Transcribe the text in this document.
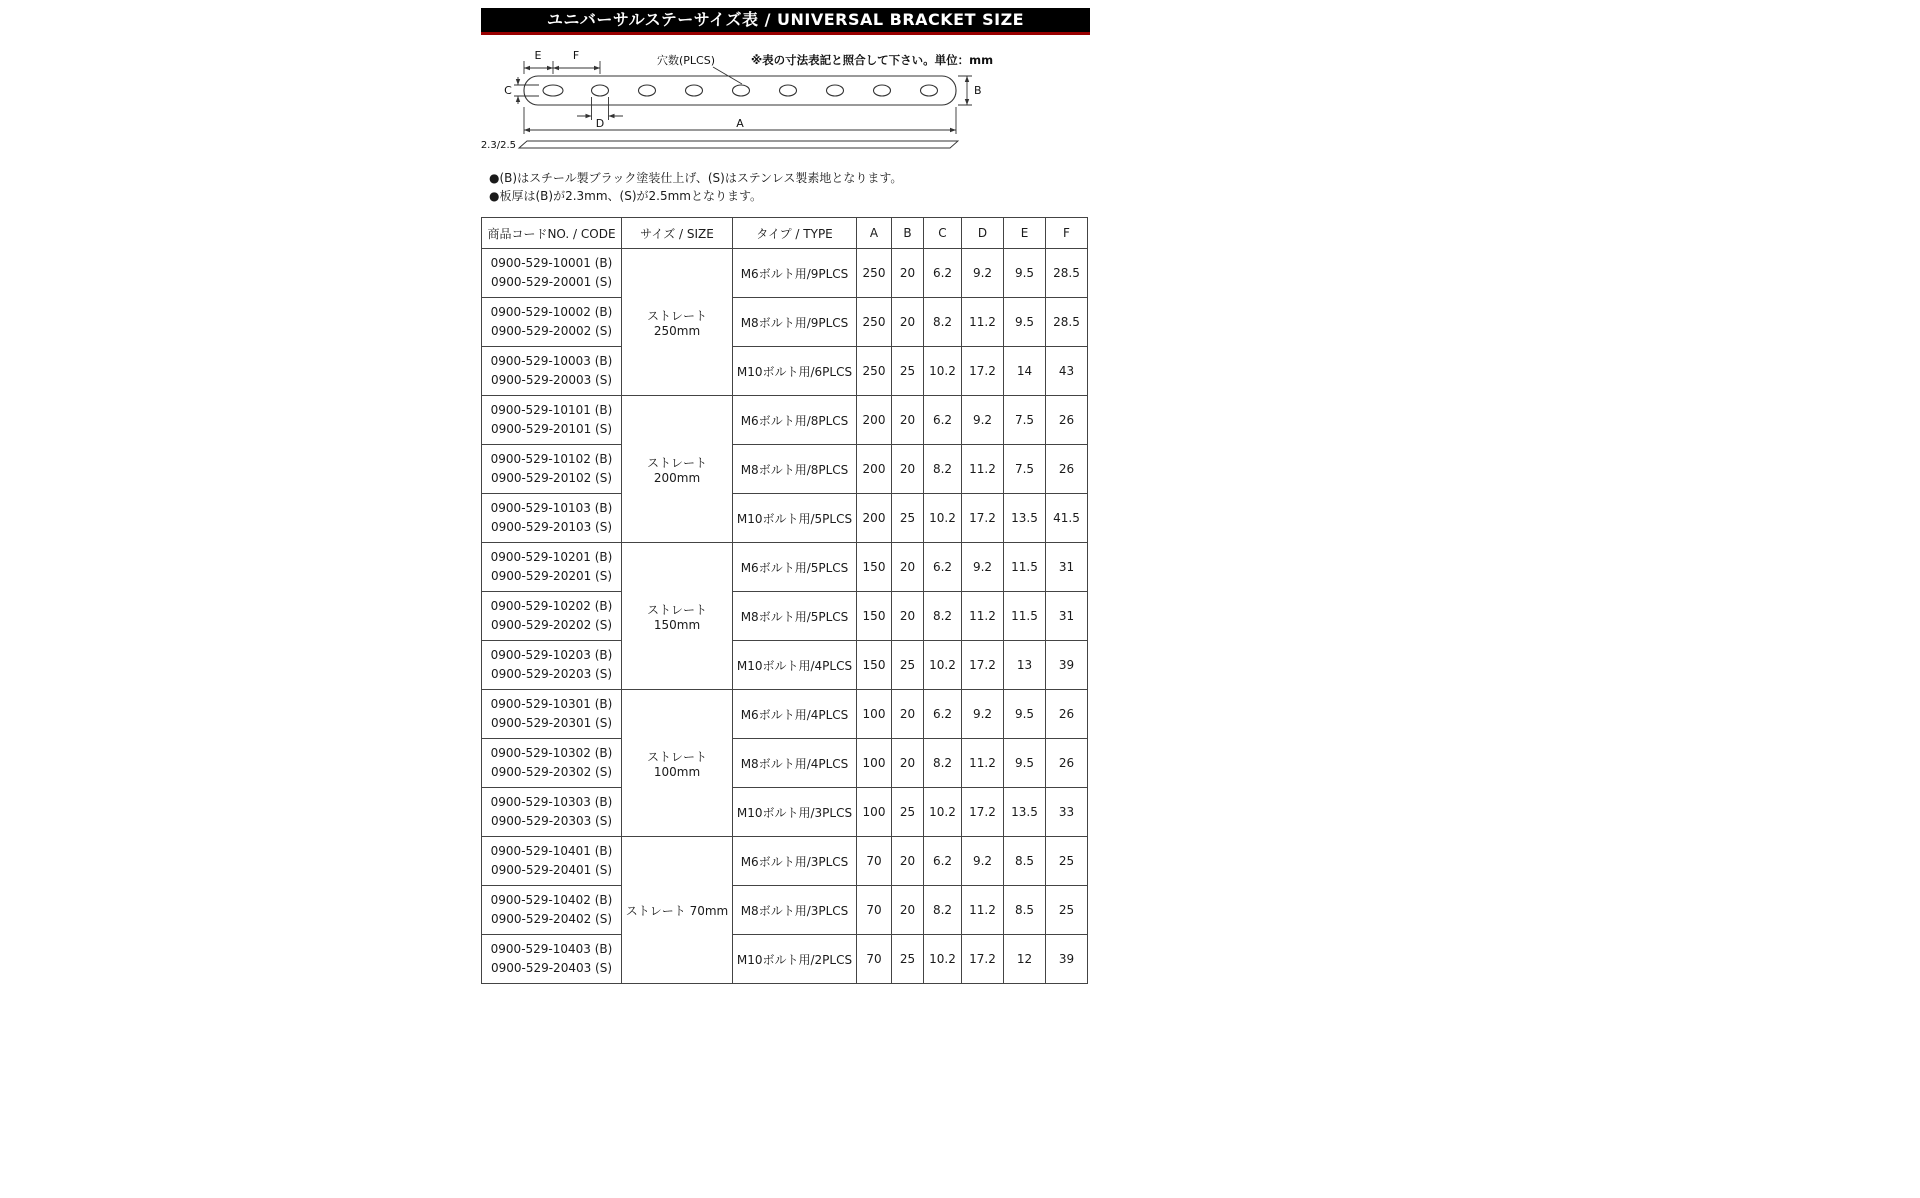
ユニバーサルステーサイズ表 / UNIVERSAL BRACKET SIZE
E	F	穴数(PLCS)	※表の寸法表記と照合して下さい。単位：mm
C	B
D	A
2.3/2.5
●(B)はスチール製ブラック塗装仕上げ、(S)はステンレス製素地となります。
●板厚は(B)が2.3mm、(S)が2.5mmとなります。
商品コードNO. / CODE	サイズ / SIZE	タイプ / TYPE	A	B	C	D	E	F

0900-529-10001 (B)
0900-529-20001 (S)	ストレート250mm	M6ボルト用/9PLCS	250	20	6.2	9.2	9.5	28.5

0900-529-10002 (B)
0900-529-20002 (S)		M8ボルト用/9PLCS	250	20	8.2	11.2	9.5	28.5

0900-529-10003 (B)
0900-529-20003 (S)		M10ボルト用/6PLCS	250	25	10.2	17.2	14	43

0900-529-10101 (B)
0900-529-20101 (S)	ストレート200mm	M6ボルト用/8PLCS	200	20	6.2	9.2	7.5	26

0900-529-10102 (B)
0900-529-20102 (S)		M8ボルト用/8PLCS	200	20	8.2	11.2	7.5	26

0900-529-10103 (B)
0900-529-20103 (S)		M10ボルト用/5PLCS	200	25	10.2	17.2	13.5	41.5

0900-529-10201 (B)
0900-529-20201 (S)	ストレート150mm	M6ボルト用/5PLCS	150	20	6.2	9.2	11.5	31

0900-529-10202 (B)
0900-529-20202 (S)		M8ボルト用/5PLCS	150	20	8.2	11.2	11.5	31

0900-529-10203 (B)
0900-529-20203 (S)		M10ボルト用/4PLCS	150	25	10.2	17.2	13	39

0900-529-10301 (B)
0900-529-20301 (S)	ストレート100mm	M6ボルト用/4PLCS	100	20	6.2	9.2	9.5	26

0900-529-10302 (B)
0900-529-20302 (S)		M8ボルト用/4PLCS	100	20	8.2	11.2	9.5	26

0900-529-10303 (B)
0900-529-20303 (S)		M10ボルト用/3PLCS	100	25	10.2	17.2	13.5	33

0900-529-10401 (B)
0900-529-20401 (S)	ストレート 70mm	M6ボルト用/3PLCS	70	20	6.2	9.2	8.5	25

0900-529-10402 (B)
0900-529-20402 (S)		M8ボルト用/3PLCS	70	20	8.2	11.2	8.5	25

0900-529-10403 (B)
0900-529-20403 (S)		M10ボルト用/2PLCS	70	25	10.2	17.2	12	39
